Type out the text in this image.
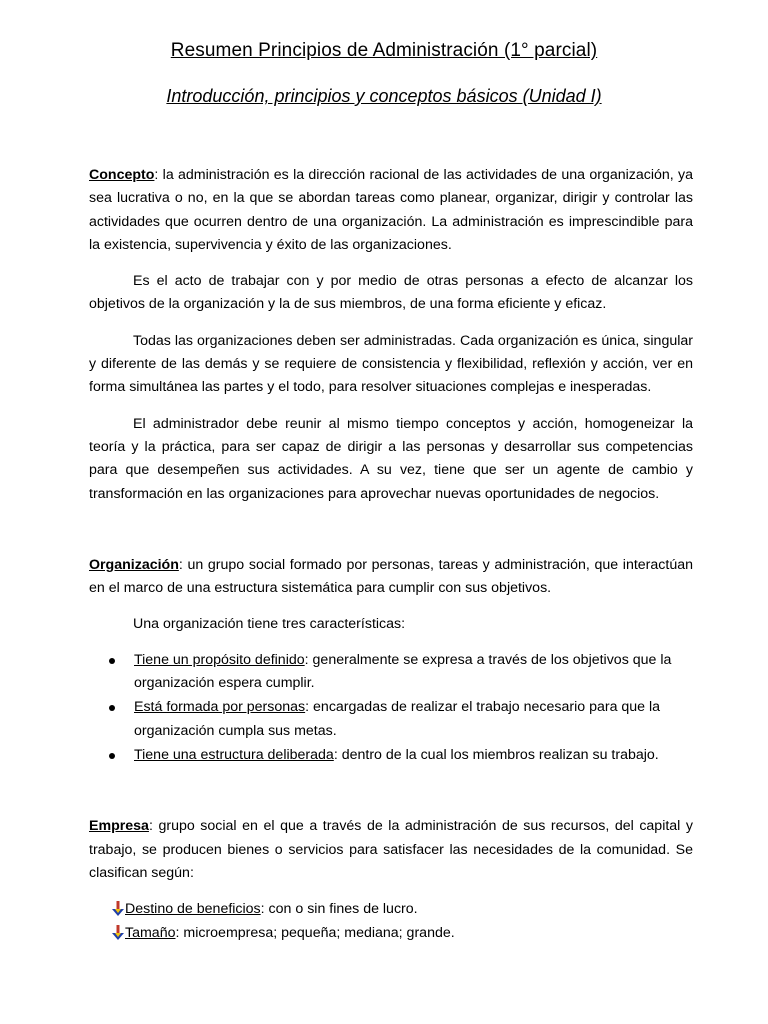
Resumen Principios de Administración (1° parcial)
Introducción, principios y conceptos básicos (Unidad I)

Concepto: la administración es la dirección racional de las actividades de una organización, ya sea lucrativa o no, en la que se abordan tareas como planear, organizar, dirigir y controlar las actividades que ocurren dentro de una organización. La administración es imprescindible para la existencia, supervivencia y éxito de las organizaciones.

Es el acto de trabajar con y por medio de otras personas a efecto de alcanzar los objetivos de la organización y la de sus miembros, de una forma eficiente y eficaz.

Todas las organizaciones deben ser administradas. Cada organización es única, singular y diferente de las demás y se requiere de consistencia y flexibilidad, reflexión y acción, ver en forma simultánea las partes y el todo, para resolver situaciones complejas e inesperadas.

El administrador debe reunir al mismo tiempo conceptos y acción, homogeneizar la teoría y la práctica, para ser capaz de dirigir a las personas y desarrollar sus competencias para que desempeñen sus actividades. A su vez, tiene que ser un agente de cambio y transformación en las organizaciones para aprovechar nuevas oportunidades de negocios.

Organización: un grupo social formado por personas, tareas y administración, que interactúan en el marco de una estructura sistemática para cumplir con sus objetivos.

Una organización tiene tres características:

Tiene un propósito definido: generalmente se expresa a través de los objetivos que la organización espera cumplir.
Está formada por personas: encargadas de realizar el trabajo necesario para que la organización cumpla sus metas.
Tiene una estructura deliberada: dentro de la cual los miembros realizan su trabajo.

Empresa: grupo social en el que a través de la administración de sus recursos, del capital y trabajo, se producen bienes o servicios para satisfacer las necesidades de la comunidad. Se clasifican según:

Destino de beneficios: con o sin fines de lucro.
Tamaño: microempresa; pequeña; mediana; grande.
